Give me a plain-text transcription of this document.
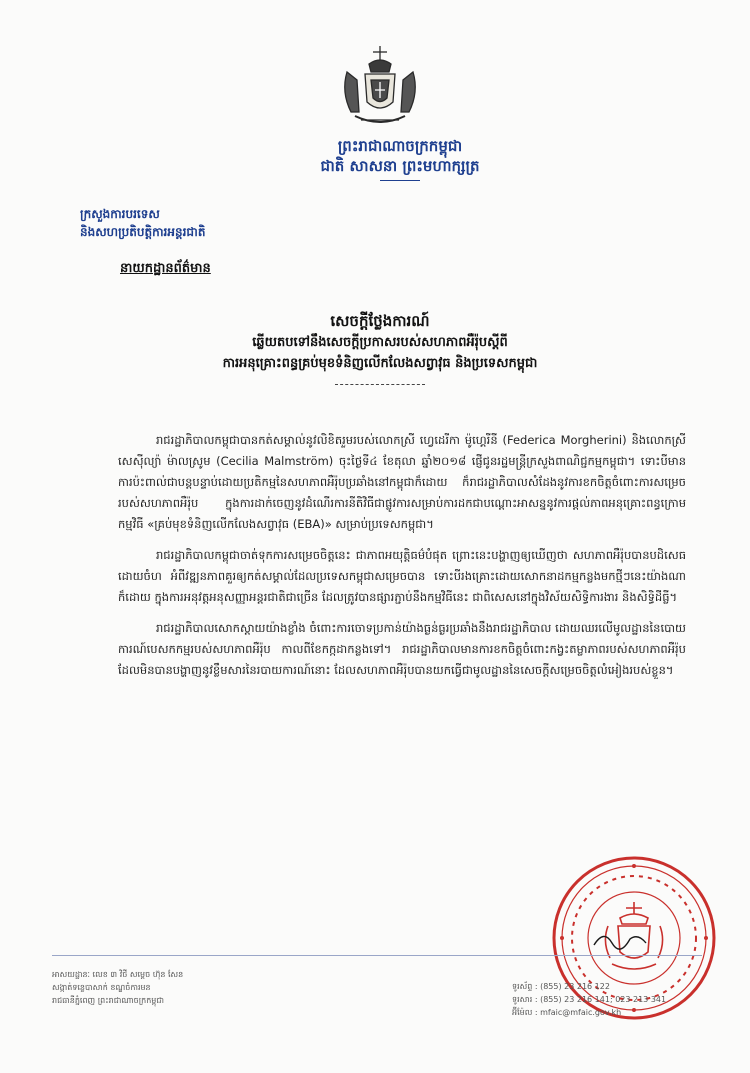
ព្រះរាជាណាចក្រកម្ពុជា
ជាតិ សាសនា ព្រះមហាក្សត្រ
ក្រសួងការបរទេស
និងសហប្រតិបត្តិការអន្តរជាតិ
នាយកដ្ឋានព័ត៌មាន
សេចក្តីថ្លែងការណ៍
ឆ្លើយតបទៅនឹងសេចក្តីប្រកាសរបស់សហភាពអឺរ៉ុបស្តីពី
ការអនុគ្រោះពន្ធគ្រប់មុខទំនិញលើកលែងសព្វាវុធ និងប្រទេសកម្ពុជា

រាជរដ្ឋាភិបាលកម្ពុជាបានកត់សម្គាល់នូវលិខិតរួមរបស់លោកស្រី ហ្វេដេរីកា ម៉ូហ្គេរីនី (Federica Morgherini) និងលោកស្រី សេស៊ីល្យ៉ា ម៉ាលស្រូម (Cecilia Malmström) ចុះថ្ងៃទី៤ ខែតុលា ឆ្នាំ២០១៨ ផ្ញើជូនរដ្ឋមន្ត្រីក្រសួងពាណិជ្ជកម្មកម្ពុជា។ ទោះបីមានការប៉ះពាល់ជាបន្តបន្ទាប់ដោយប្រតិកម្មនៃសហភាពអឺរ៉ុបប្រឆាំងនៅកម្ពុជាក៏ដោយ ក៏រាជរដ្ឋាភិបាលសំដែងនូវការខកចិត្តចំពោះការសម្រេចរបស់សហភាពអឺរ៉ុប ក្នុងការដាក់ចេញនូវដំណើរការនីតិវិធីជាផ្លូវការសម្រាប់ការដកជាបណ្តោះអាសន្ននូវការផ្តល់ភាពអនុគ្រោះពន្ធក្រោមកម្មវិធី «គ្រប់មុខទំនិញលើកលែងសព្វាវុធ (EBA)» សម្រាប់ប្រទេសកម្ពុជា។

រាជរដ្ឋាភិបាលកម្ពុជាចាត់ទុកការសម្រេចចិត្តនេះ ជាភាពអយុត្តិធម៌បំផុត ព្រោះនេះបង្ហាញឲ្យឃើញថា សហភាពអឺរ៉ុបបានបដិសេធដោយចំហ អំពីវឌ្ឍនភាពគួរឲ្យកត់សម្គាល់ដែលប្រទេសកម្ពុជាសម្រេចបាន ទោះបីរងគ្រោះដោយសោកនាដកម្មកន្លងមកថ្មីៗនេះយ៉ាងណាក៏ដោយ ក្នុងការអនុវត្តអនុសញ្ញាអន្តរជាតិជាច្រើន ដែលត្រូវបានផ្សារភ្ជាប់នឹងកម្មវិធីនេះ ជាពិសេសនៅក្នុងវិស័យសិទ្ធិការងារ និងសិទ្ធិដីធ្លី។

រាជរដ្ឋាភិបាលសោកស្តាយយ៉ាងខ្លាំង ចំពោះការចោទប្រកាន់យ៉ាងធ្ងន់ធ្ងរប្រឆាំងនឹងរាជរដ្ឋាភិបាល ដោយឈរលើមូលដ្ឋាននៃបោយការណ៍បេសកកម្មរបស់សហភាពអឺរ៉ុប កាលពីខែកក្កដាកន្លងទៅ។ រាជរដ្ឋាភិបាលមានការខកចិត្តចំពោះកង្វះតម្លាភាពរបស់សហភាពអឺរ៉ុប ដែលមិនបានបង្ហាញនូវខ្លឹមសារនៃរបាយការណ៍នោះ ដែលសហភាពអឺរ៉ុបបានយកធ្វើជាមូលដ្ឋាននៃសេចក្តីសម្រេចចិត្តលំអៀងរបស់ខ្លួន។

អាសយដ្ឋានៈ លេខ ៣ វិថី សម្តេច ហ៊ុន សែន
សង្កាត់ទន្លេបាសាក់ ខណ្ឌចំការមន
រាជធានីភ្នំពេញ ព្រះរាជាណាចក្រកម្ពុជា
ទូរស័ព្ទ : (855) 23 216 122
ទូរសារ : (855) 23 216 141; 023 213 341
អ៊ីម៉ែល : mfaic@mfaic.gov.kh
